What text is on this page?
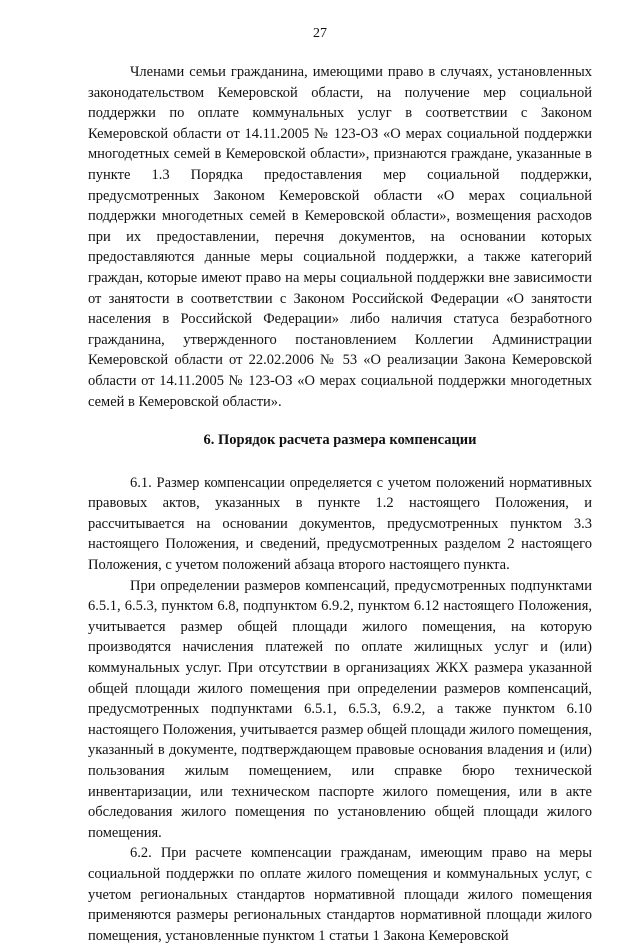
27

Членами семьи гражданина, имеющими право в случаях, установленных законодательством Кемеровской области, на получение мер социальной поддержки по оплате коммунальных услуг в соответствии с Законом Кемеровской области от 14.11.2005 № 123-ОЗ «О мерах социальной поддержки многодетных семей в Кемеровской области», признаются граждане, указанные в пункте 1.3 Порядка предоставления мер социальной поддержки, предусмотренных Законом Кемеровской области «О мерах социальной поддержки многодетных семей в Кемеровской области», возмещения расходов при их предоставлении, перечня документов, на основании которых предоставляются данные меры социальной поддержки, а также категорий граждан, которые имеют право на меры социальной поддержки вне зависимости от занятости в соответствии с Законом Российской Федерации «О занятости населения в Российской Федерации» либо наличия статуса безработного гражданина, утвержденного постановлением Коллегии Администрации Кемеровской области от 22.02.2006 № 53 «О реализации Закона Кемеровской области от 14.11.2005 № 123-ОЗ «О мерах социальной поддержки многодетных семей в Кемеровской области».

6. Порядок расчета размера компенсации

6.1. Размер компенсации определяется с учетом положений нормативных правовых актов, указанных в пункте 1.2 настоящего Положения, и рассчитывается на основании документов, предусмотренных пунктом 3.3 настоящего Положения, и сведений, предусмотренных разделом 2 настоящего Положения, с учетом положений абзаца второго настоящего пункта.

При определении размеров компенсаций, предусмотренных подпунктами 6.5.1, 6.5.3, пунктом 6.8, подпунктом 6.9.2, пунктом 6.12 настоящего Положения, учитывается размер общей площади жилого помещения, на которую производятся начисления платежей по оплате жилищных услуг и (или) коммунальных услуг. При отсутствии в организациях ЖКХ размера указанной общей площади жилого помещения при определении размеров компенсаций, предусмотренных подпунктами 6.5.1, 6.5.3, 6.9.2, а также пунктом 6.10 настоящего Положения, учитывается размер общей площади жилого помещения, указанный в документе, подтверждающем правовые основания владения и (или) пользования жилым помещением, или справке бюро технической инвентаризации, или техническом паспорте жилого помещения, или в акте обследования жилого помещения по установлению общей площади жилого помещения.

6.2. При расчете компенсации гражданам, имеющим право на меры социальной поддержки по оплате жилого помещения и коммунальных услуг, с учетом региональных стандартов нормативной площади жилого помещения применяются размеры региональных стандартов нормативной площади жилого помещения, установленные пунктом 1 статьи 1 Закона Кемеровской
